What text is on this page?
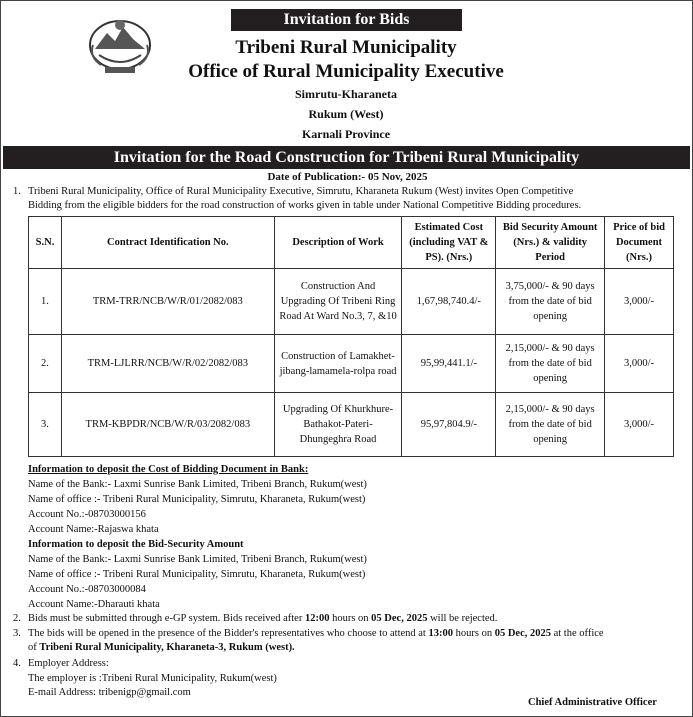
Invitation for Bids
Tribeni Rural Municipality
Office of Rural Municipality Executive
Simrutu-Kharaneta
Rukum (West)
Karnali Province
Invitation for the Road Construction for Tribeni Rural Municipality
Date of Publication:- 05 Nov, 2025
1. Tribeni Rural Municipality, Office of Rural Municipality Executive, Simrutu, Kharaneta Rukum (West) invites Open Competitive
Bidding from the eligible bidders for the road construction of works given in table under National Competitive Bidding procedures.
S.N.	Contract Identification No.	Description of Work	Estimated Cost (including VAT & PS). (Nrs.)	Bid Security Amount (Nrs.) & validity Period	Price of bid Document (Nrs.)
1.	TRM-TRR/NCB/W/R/01/2082/083	Construction And Upgrading Of Tribeni Ring Road At Ward No.3, 7, &10	1,67,98,740.4/-	3,75,000/- & 90 days from the date of bid opening	3,000/-
2.	TRM-LJLRR/NCB/W/R/02/2082/083	Construction of Lamakhet-jibang-lamamela-rolpa road	95,99,441.1/-	2,15,000/- & 90 days from the date of bid opening	3,000/-
3.	TRM-KBPDR/NCB/W/R/03/2082/083	Upgrading Of Khurkhure-Bathakot-Pateri-Dhungeghra Road	95,97,804.9/-	2,15,000/- & 90 days from the date of bid opening	3,000/-
Information to deposit the Cost of Bidding Document in Bank:
Name of the Bank:- Laxmi Sunrise Bank Limited, Tribeni Branch, Rukum(west)
Name of office :- Tribeni Rural Municipality, Simrutu, Kharaneta, Rukum(west)
Account No.:-08703000156
Account Name:-Rajaswa khata
Information to deposit the Bid-Security Amount
Name of the Bank:- Laxmi Sunrise Bank Limited, Tribeni Branch, Rukum(west)
Name of office :- Tribeni Rural Municipality, Simrutu, Kharaneta, Rukum(west)
Account No.:-08703000084
Account Name:-Dharauti khata
2. Bids must be submitted through e-GP system. Bids received after 12:00 hours on 05 Dec, 2025 will be rejected.
3. The bids will be opened in the presence of the Bidder's representatives who choose to attend at 13:00 hours on 05 Dec, 2025 at the office
of Tribeni Rural Municipality, Kharaneta-3, Rukum (west).
4. Employer Address:
The employer is :Tribeni Rural Municipality, Rukum(west)
E-mail Address: tribenigp@gmail.com
Chief Administrative Officer
